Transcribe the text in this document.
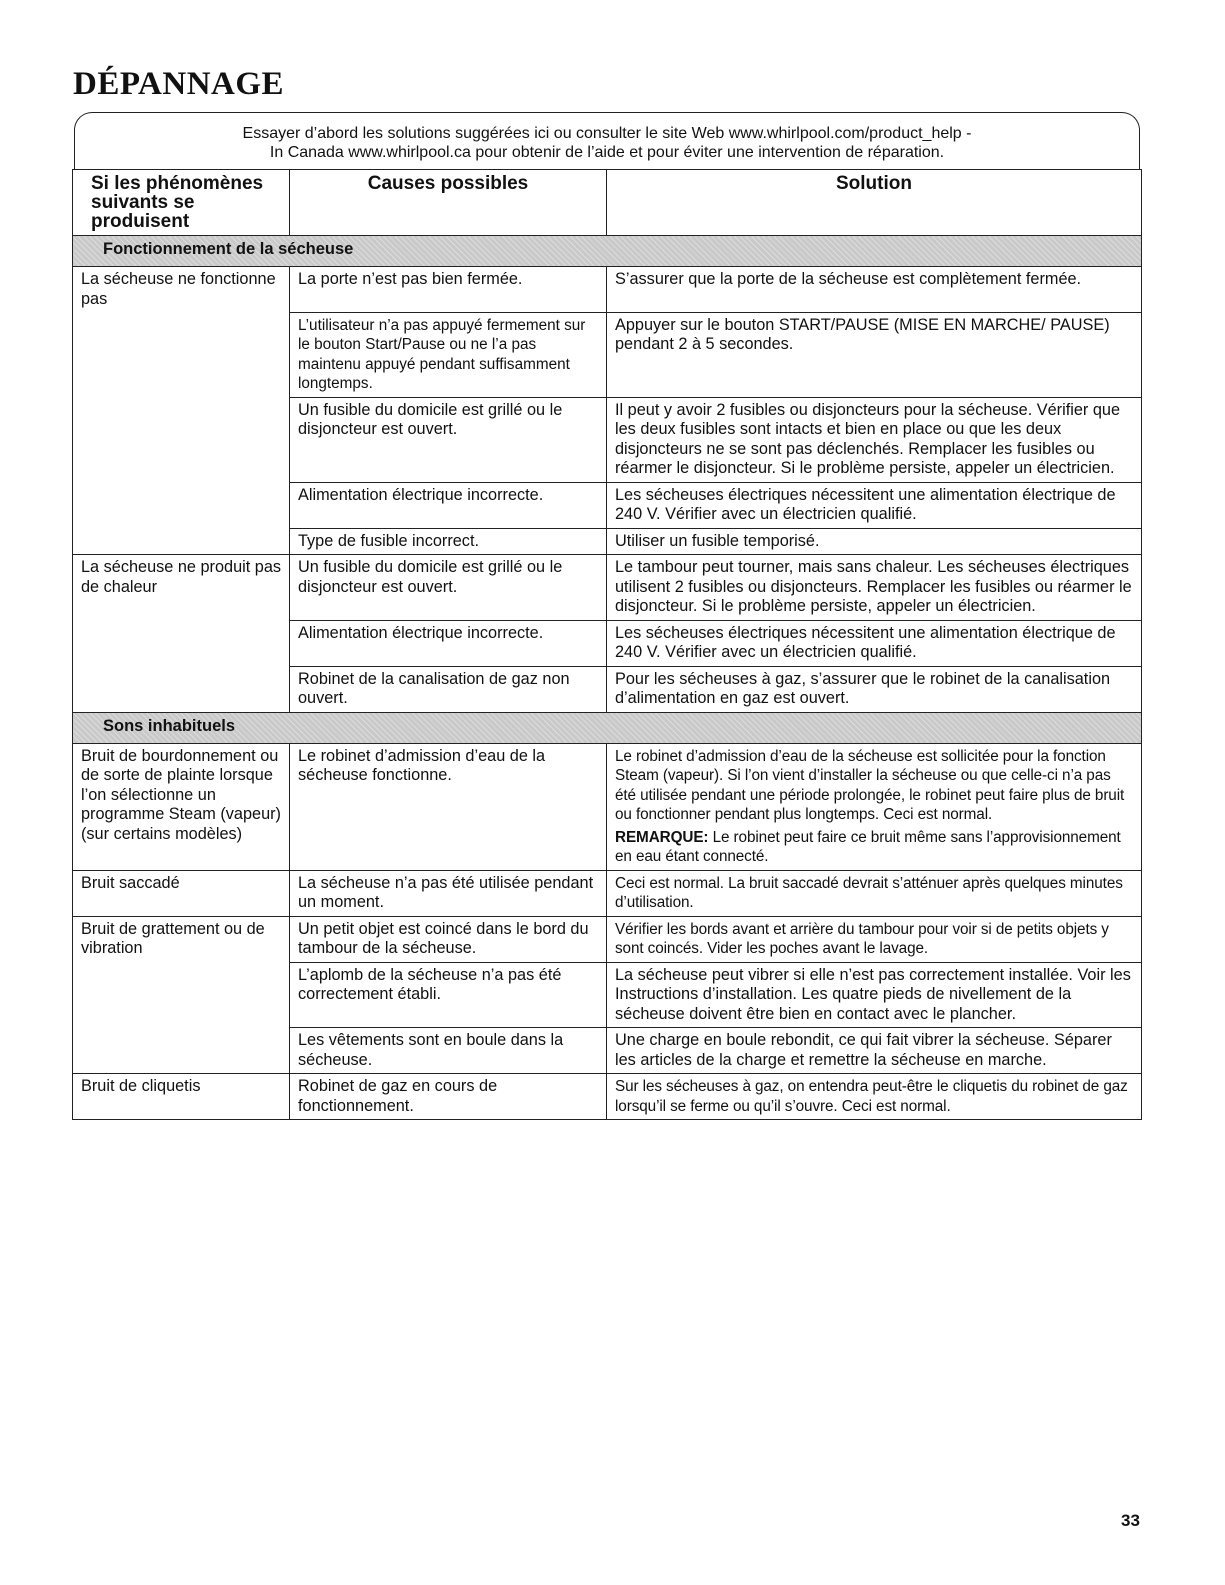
DÉPANNAGE
Essayer d’abord les solutions suggérées ici ou consulter le site Web www.whirlpool.com/product_help -
In Canada www.whirlpool.ca pour obtenir de l’aide et pour éviter une intervention de réparation.
Si les phénomènes suivants se produisent	Causes possibles	Solution
Fonctionnement de la sécheuse		
La sécheuse ne fonctionne pas	La porte n’est pas bien fermée.	S’assurer que la porte de la sécheuse est complètement fermée.
	L’utilisateur n’a pas appuyé fermement sur le bouton Start/Pause ou ne l’a pas maintenu appuyé pendant suffisamment longtemps.	Appuyer sur le bouton START/PAUSE (MISE EN MARCHE/ PAUSE) pendant 2 à 5 secondes.
	Un fusible du domicile est grillé ou le disjoncteur est ouvert.	Il peut y avoir 2 fusibles ou disjoncteurs pour la sécheuse. Vérifier que les deux fusibles sont intacts et bien en place ou que les deux disjoncteurs ne se sont pas déclenchés. Remplacer les fusibles ou réarmer le disjoncteur. Si le problème persiste, appeler un électricien.
	Alimentation électrique incorrecte.	Les sécheuses électriques nécessitent une alimentation électrique de 240 V. Vérifier avec un électricien qualifié.
	Type de fusible incorrect.	Utiliser un fusible temporisé.
La sécheuse ne produit pas de chaleur	Un fusible du domicile est grillé ou le disjoncteur est ouvert.	Le tambour peut tourner, mais sans chaleur. Les sécheuses électriques utilisent 2 fusibles ou disjoncteurs. Remplacer les fusibles ou réarmer le disjoncteur. Si le problème persiste, appeler un électricien.
	Alimentation électrique incorrecte.	Les sécheuses électriques nécessitent une alimentation électrique de 240 V. Vérifier avec un électricien qualifié.
	Robinet de la canalisation de gaz non ouvert.	Pour les sécheuses à gaz, s’assurer que le robinet de la canalisation d’alimentation en gaz est ouvert.
Sons inhabituels		
Bruit de bourdonnement ou de sorte de plainte lorsque l’on sélectionne un programme Steam (vapeur) (sur certains modèles)	Le robinet d’admission d’eau de la sécheuse fonctionne.	Le robinet d’admission d’eau de la sécheuse est sollicitée pour la fonction Steam (vapeur). Si l’on vient d’installer la sécheuse ou que celle-ci n’a pas été utilisée pendant une période prolongée, le robinet peut faire plus de bruit ou fonctionner pendant plus longtemps. Ceci est normal.
REMARQUE: Le robinet peut faire ce bruit même sans l’approvisionnement en eau étant connecté.

Bruit saccadé	La sécheuse n’a pas été utilisée pendant un moment.	Ceci est normal. La bruit saccadé devrait s’atténuer après quelques minutes d’utilisation.
Bruit de grattement ou de vibration	Un petit objet est coincé dans le bord du tambour de la sécheuse.	Vérifier les bords avant et arrière du tambour pour voir si de petits objets y sont coincés. Vider les poches avant le lavage.
	L’aplomb de la sécheuse n’a pas été correctement établi.	La sécheuse peut vibrer si elle n’est pas correctement installée. Voir les Instructions d’installation. Les quatre pieds de nivellement de la sécheuse doivent être bien en contact avec le plancher.
	Les vêtements sont en boule dans la sécheuse.	Une charge en boule rebondit, ce qui fait vibrer la sécheuse. Séparer les articles de la charge et remettre la sécheuse en marche.
Bruit de cliquetis	Robinet de gaz en cours de fonctionnement.	Sur les sécheuses à gaz, on entendra peut-être le cliquetis du robinet de gaz lorsqu’il se ferme ou qu’il s’ouvre. Ceci est normal.
33
